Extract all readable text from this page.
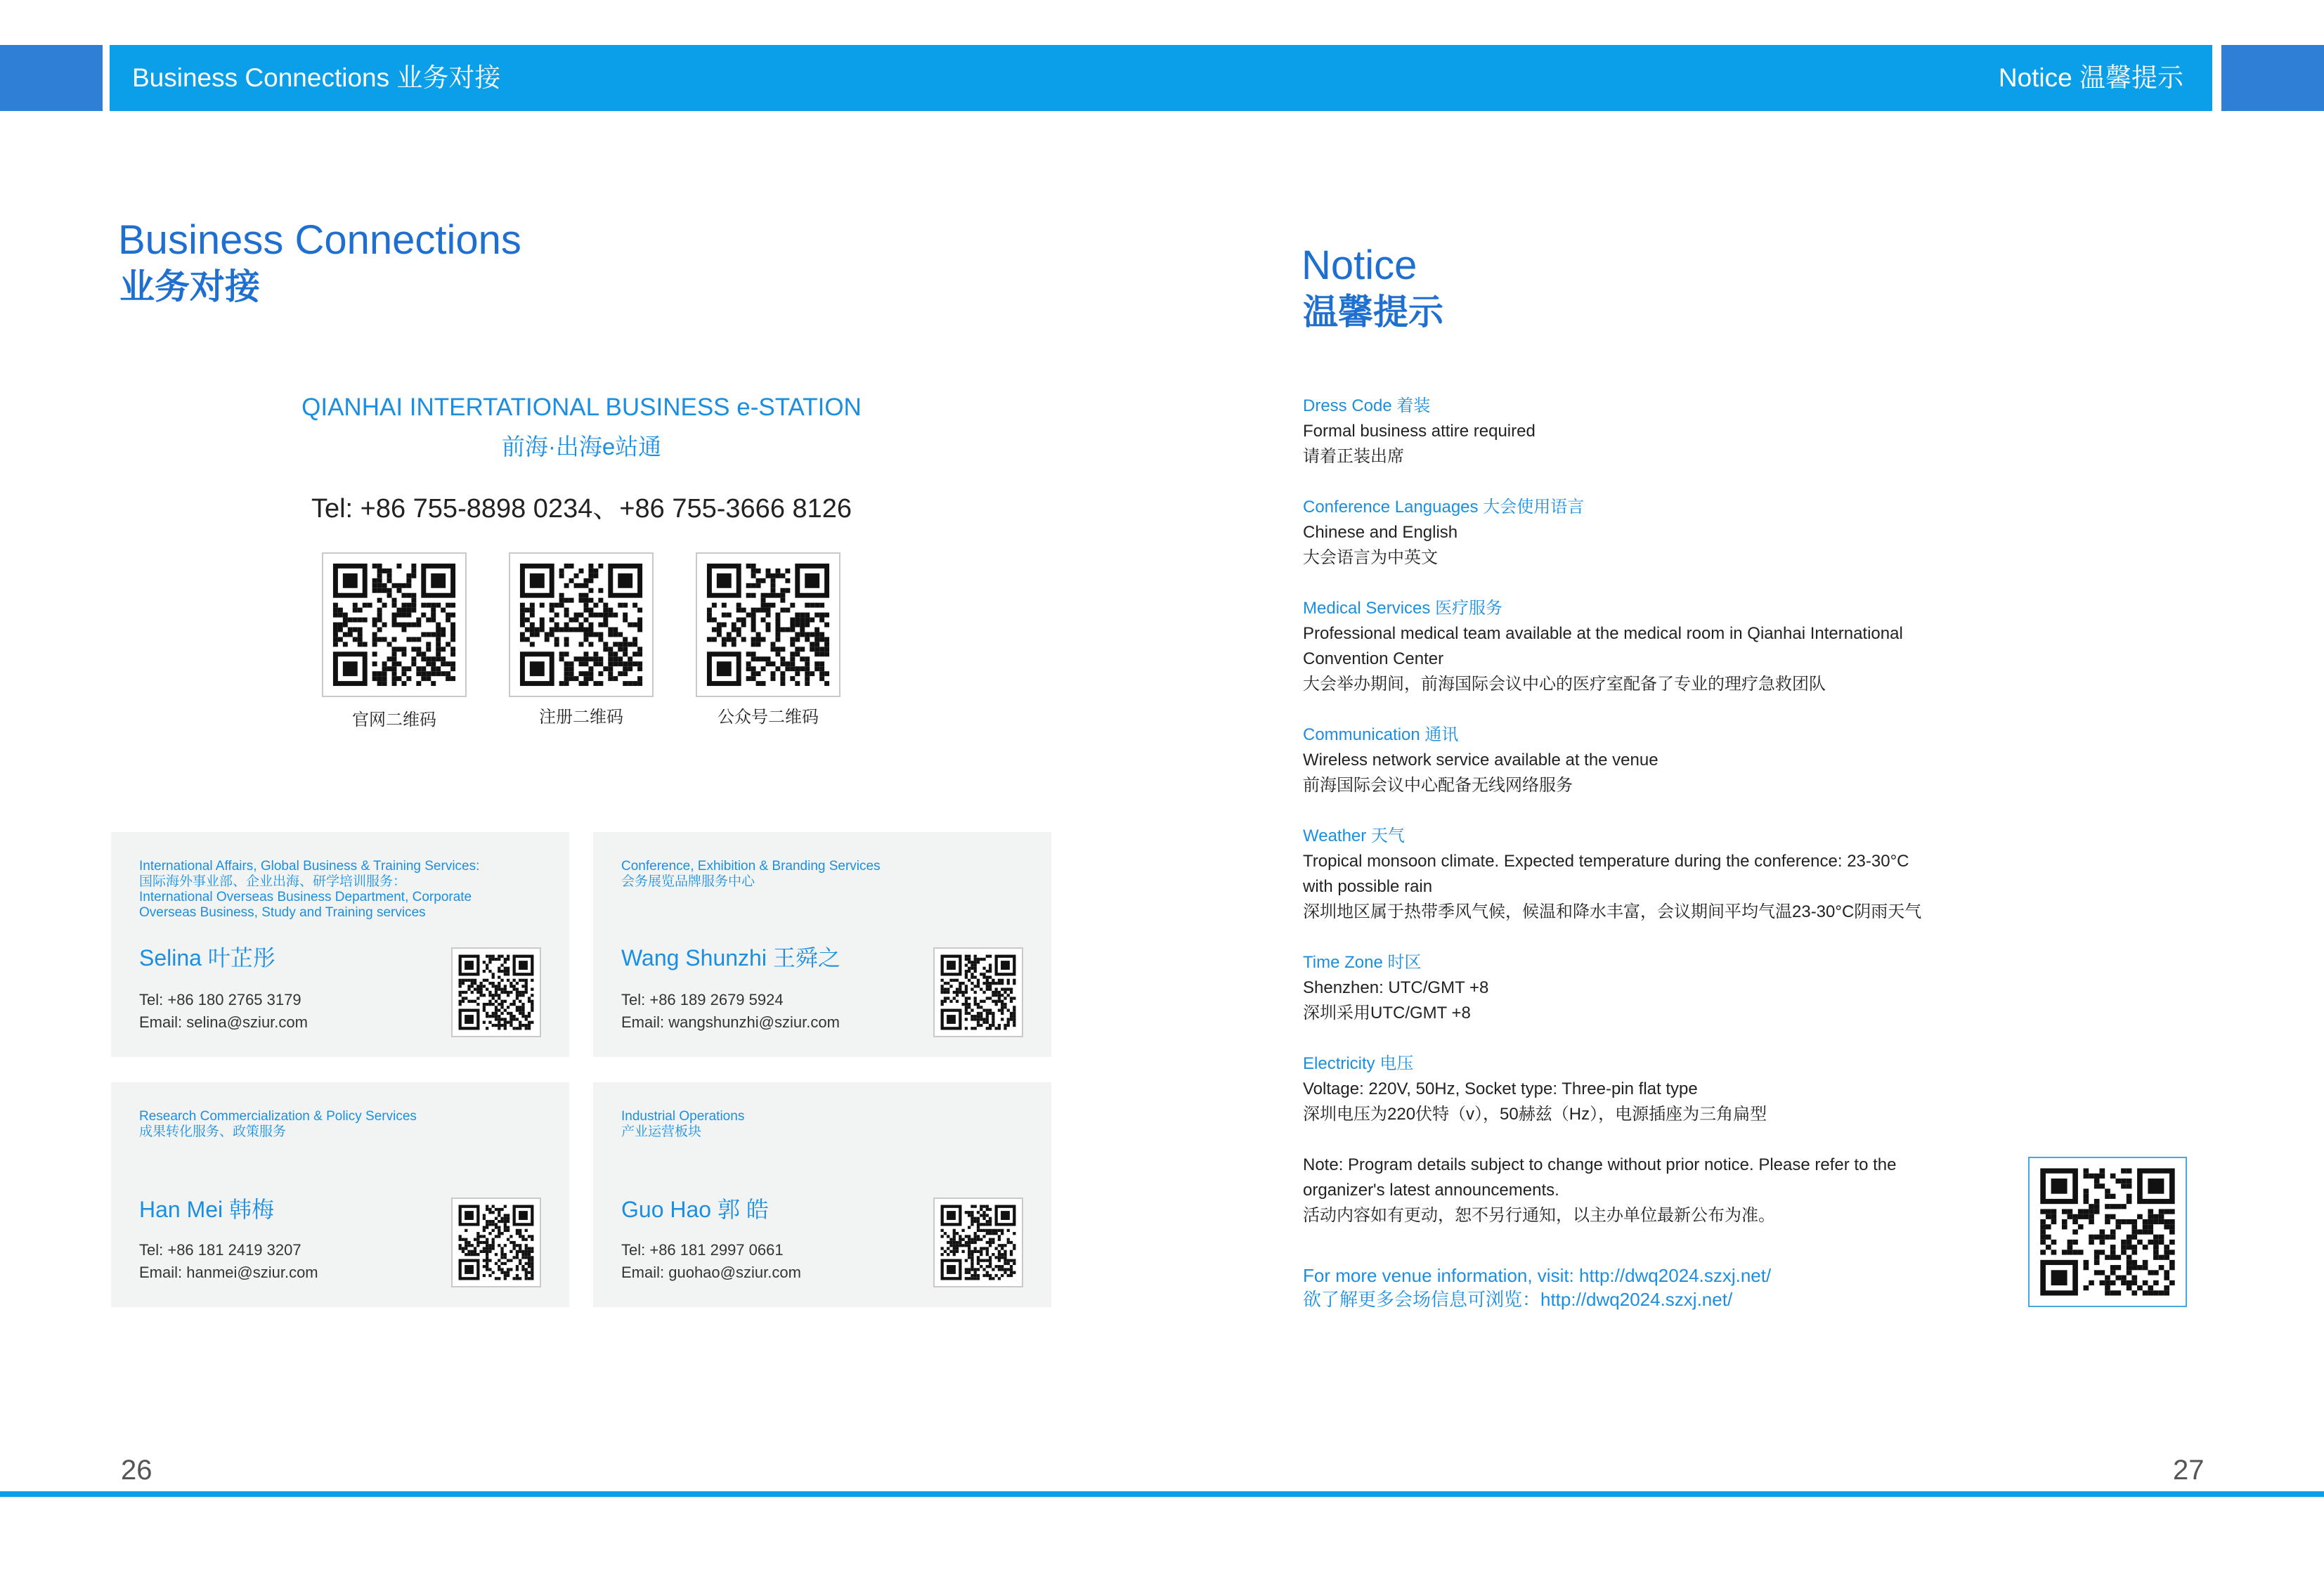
Business Connections 业务对接	Notice 温馨提示
Business Connections
业务对接
QIANHAI INTERTATIONAL BUSINESS e-STATION
前海·出海e站通
Tel: +86 755-8898 0234、+86 755-3666 8126
官网二维码	注册二维码	公众号二维码
International Affairs, Global Business & Training Services:
国际海外事业部、企业出海、研学培训服务：
International Overseas Business Department, Corporate
Overseas Business, Study and Training services
Selina 叶芷彤
Tel: +86 180 2765 3179
Email: selina@sziur.com
Conference, Exhibition & Branding Services
会务展览品牌服务中心
Wang Shunzhi 王舜之
Tel: +86 189 2679 5924
Email: wangshunzhi@sziur.com
Research Commercialization & Policy Services
成果转化服务、政策服务
Han Mei 韩梅
Tel: +86 181 2419 3207
Email: hanmei@sziur.com
Industrial Operations
产业运营板块
Guo Hao 郭 皓
Tel: +86 181 2997 0661
Email: guohao@sziur.com
26
Notice
温馨提示
Dress Code 着装
Formal business attire required
请着正装出席
Conference Languages 大会使用语言
Chinese and English
大会语言为中英文
Medical Services 医疗服务
Professional medical team available at the medical room in Qianhai International
Convention Center
大会举办期间，前海国际会议中心的医疗室配备了专业的理疗急救团队
Communication 通讯
Wireless network service available at the venue
前海国际会议中心配备无线网络服务
Weather 天气
Tropical monsoon climate. Expected temperature during the conference: 23-30°C
with possible rain
深圳地区属于热带季风气候，候温和降水丰富，会议期间平均气温23-30°C阴雨天气
Time Zone 时区
Shenzhen: UTC/GMT +8
深圳采用UTC/GMT +8
Electricity 电压
Voltage: 220V, 50Hz, Socket type: Three-pin flat type
深圳电压为220伏特（v），50赫兹（Hz），电源插座为三角扁型
Note: Program details subject to change without prior notice. Please refer to the
organizer's latest announcements.
活动内容如有更动，恕不另行通知，以主办单位最新公布为准。
For more venue information, visit: http://dwq2024.szxj.net/
欲了解更多会场信息可浏览：http://dwq2024.szxj.net/
27
